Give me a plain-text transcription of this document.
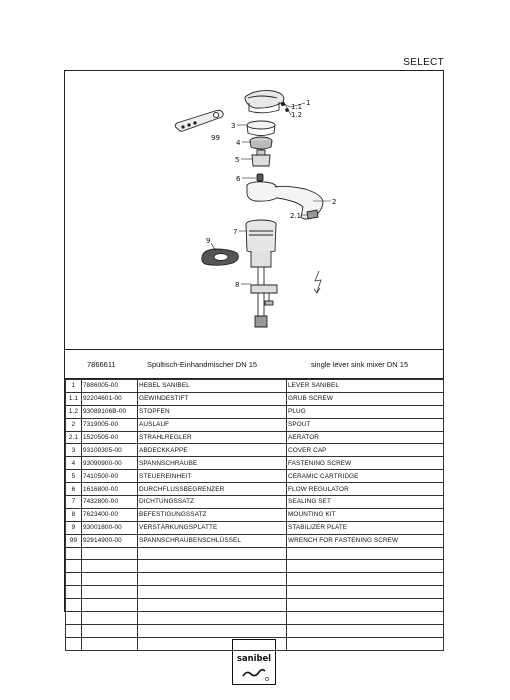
SELECT
1
1.1
1.2
3
99
4
5
6
2
2.1
7
9
8
7866611	Spültisch-Einhandmischer DN 15	single lever sink mixer DN 15
1	7886005-00	HEBEL SANIBEL	LEVER SANIBEL
1.1	92204601-00	GEWINDESTIFT	GRUB SCREW
1.2	93089106B-00	STOPFEN	PLUG
2	7319005-00	AUSLAUF	SPOUT
2.1	1520505-00	STRAHLREGLER	AERATOR
3	93100305-00	ABDECKKAPPE	COVER CAP
4	93090900-00	SPANNSCHRAUBE	FASTENING SCREW
5	7410500-00	STEUEREINHEIT	CERAMIC CARTRIDGE
6	1616800-00	DURCHFLUSSBEGRENZER	FLOW REGULATOR
7	7432800-00	DICHTUNGSSATZ	SEALING SET
8	7623400-00	BEFESTIGUNGSSATZ	MOUNTING KIT
9	93001800-00	VERSTÄRKUNGSPLATTE	STABILIZER PLATE
99	92914900-00	SPANNSCHRAUBENSCHLÜSSEL	WRENCH FOR FASTENING SCREW

sanibel
